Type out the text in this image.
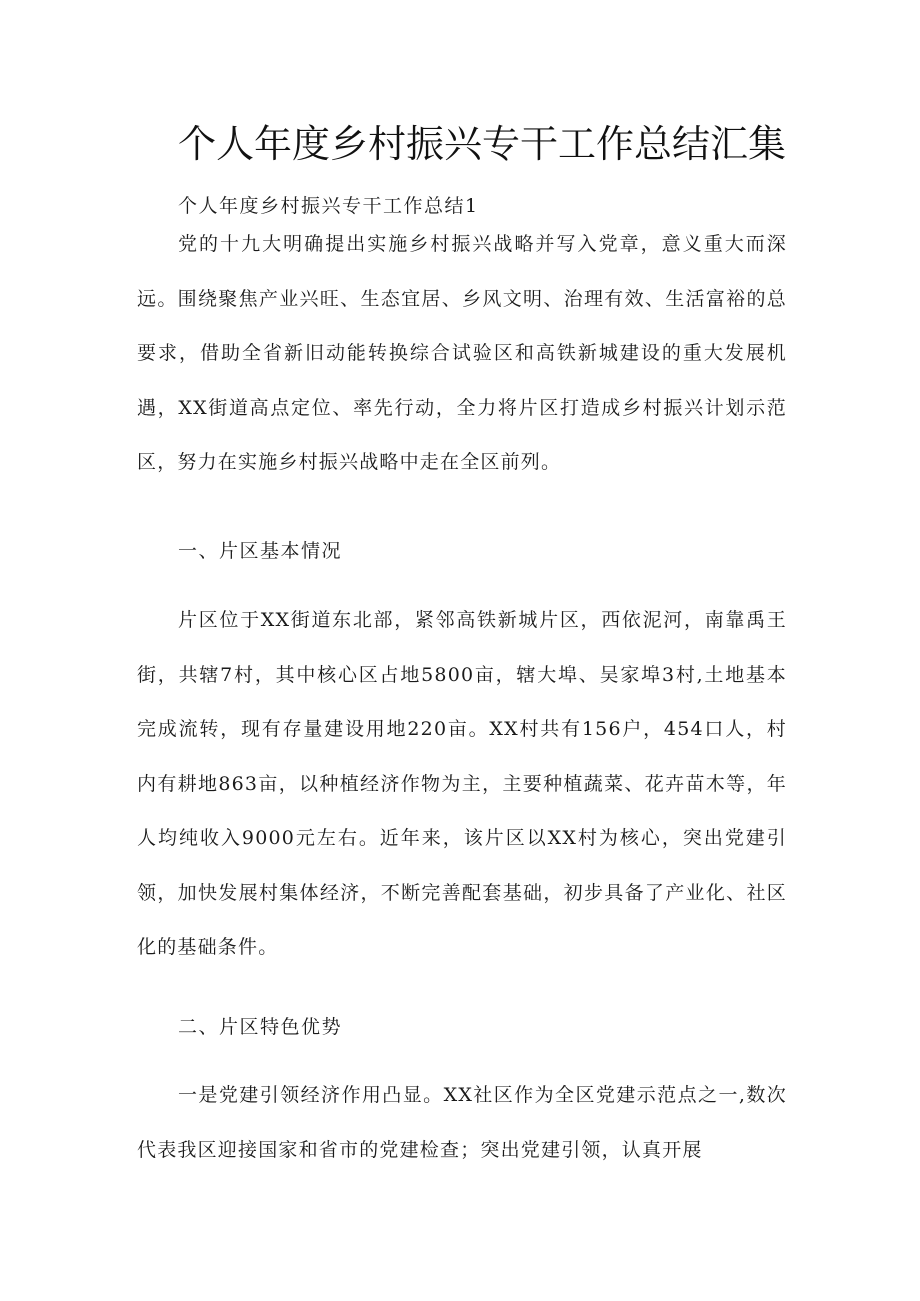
个人年度乡村振兴专干工作总结汇集

个人年度乡村振兴专干工作总结1

党的十九大明确提出实施乡村振兴战略并写入党章，意义重大而深远。围绕聚焦产业兴旺、生态宜居、乡风文明、治理有效、生活富裕的总要求，借助全省新旧动能转换综合试验区和高铁新城建设的重大发展机遇，XX街道高点定位、率先行动，全力将片区打造成乡村振兴计划示范区，努力在实施乡村振兴战略中走在全区前列。

一、片区基本情况

片区位于XX街道东北部，紧邻高铁新城片区，西依泥河，南靠禹王街，共辖7村，其中核心区占地5800亩，辖大埠、吴家埠3村,土地基本完成流转，现有存量建设用地220亩。XX村共有156户，454口人，村内有耕地863亩，以种植经济作物为主，主要种植蔬菜、花卉苗木等，年人均纯收入9000元左右。近年来，该片区以XX村为核心，突出党建引领，加快发展村集体经济，不断完善配套基础，初步具备了产业化、社区化的基础条件。

二、片区特色优势

一是党建引领经济作用凸显。XX社区作为全区党建示范点之一,数次代表我区迎接国家和省市的党建检查；突出党建引领，认真开展
